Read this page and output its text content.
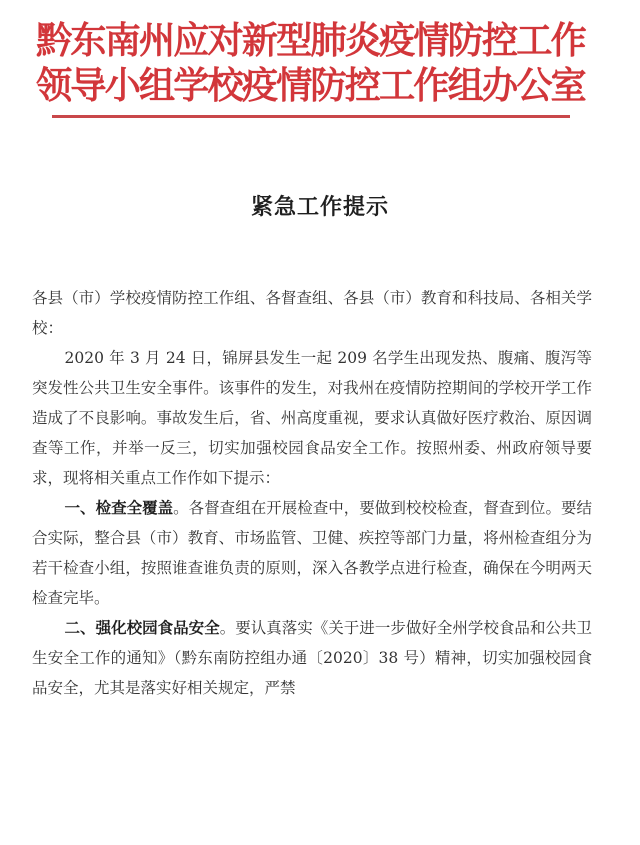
黔东南州应对新型肺炎疫情防控工作
领导小组学校疫情防控工作组办公室
紧急工作提示

各县（市）学校疫情防控工作组、各督查组、各县（市）教育和科技局、各相关学校：

2020 年 3 月 24 日，锦屏县发生一起 209 名学生出现发热、腹痛、腹泻等突发性公共卫生安全事件。该事件的发生，对我州在疫情防控期间的学校开学工作造成了不良影响。事故发生后，省、州高度重视，要求认真做好医疗救治、原因调查等工作，并举一反三，切实加强校园食品安全工作。按照州委、州政府领导要求，现将相关重点工作作如下提示：

一、检查全覆盖。各督查组在开展检查中，要做到校校检查，督查到位。要结合实际，整合县（市）教育、市场监管、卫健、疾控等部门力量，将州检查组分为若干检查小组，按照谁查谁负责的原则，深入各教学点进行检查，确保在今明两天检查完毕。

二、强化校园食品安全。要认真落实《关于进一步做好全州学校食品和公共卫生安全工作的通知》（黔东南防控组办通〔2020〕38 号）精神，切实加强校园食品安全，尤其是落实好相关规定，严禁
